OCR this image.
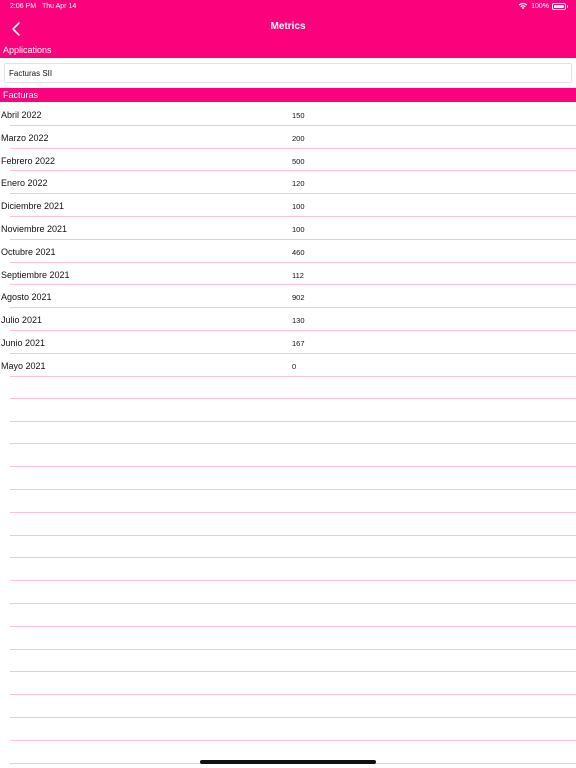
2:06 PM Thu Apr 14	100%
Metrics
Applications
Facturas SII
Facturas
Abril 2022	150
Marzo 2022	200
Febrero 2022	500
Enero 2022	120
Diciembre 2021	100
Noviembre 2021	100
Octubre 2021	460
Septiembre 2021	112
Agosto 2021	902
Julio 2021	130
Junio 2021	167
Mayo 2021	0
